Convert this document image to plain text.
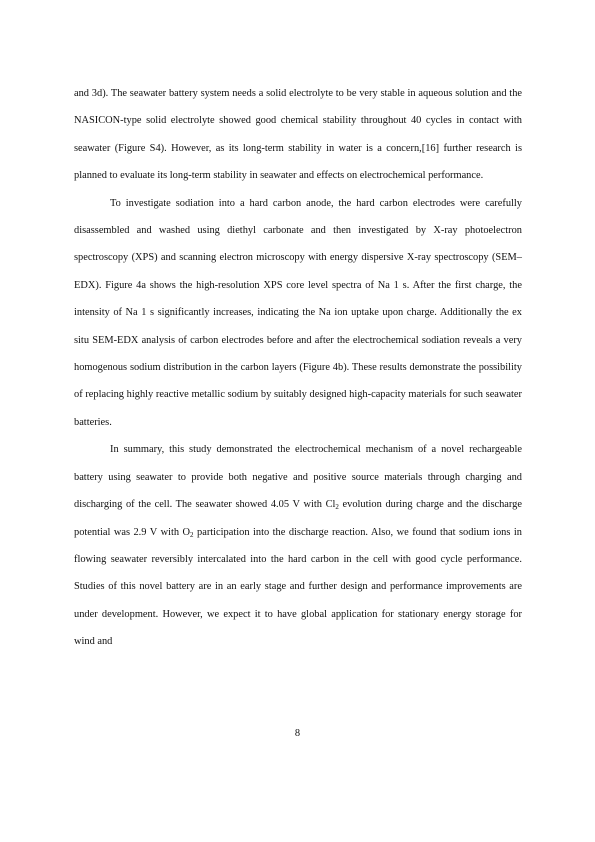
and 3d). The seawater battery system needs a solid electrolyte to be very stable in aqueous solution and the NASICON-type solid electrolyte showed good chemical stability throughout 40 cycles in contact with seawater (Figure S4). However, as its long-term stability in water is a concern,[16] further research is planned to evaluate its long-term stability in seawater and effects on electrochemical performance.

To investigate sodiation into a hard carbon anode, the hard carbon electrodes were carefully disassembled and washed using diethyl carbonate and then investigated by X-ray photoelectron spectroscopy (XPS) and scanning electron microscopy with energy dispersive X-ray spectroscopy (SEM–EDX). Figure 4a shows the high-resolution XPS core level spectra of Na 1 s. After the first charge, the intensity of Na 1 s significantly increases, indicating the Na ion uptake upon charge. Additionally the ex situ SEM-EDX analysis of carbon electrodes before and after the electrochemical sodiation reveals a very homogenous sodium distribution in the carbon layers (Figure 4b). These results demonstrate the possibility of replacing highly reactive metallic sodium by suitably designed high-capacity materials for such seawater batteries.

In summary, this study demonstrated the electrochemical mechanism of a novel rechargeable battery using seawater to provide both negative and positive source materials through charging and discharging of the cell. The seawater showed 4.05 V with $Cl_2$ evolution during charge and the discharge potential was 2.9 V with $O_2$ participation into the discharge reaction. Also, we found that sodium ions in flowing seawater reversibly intercalated into the hard carbon in the cell with good cycle performance. Studies of this novel battery are in an early stage and further design and performance improvements are under development. However, we expect it to have global application for stationary energy storage for wind and

8
